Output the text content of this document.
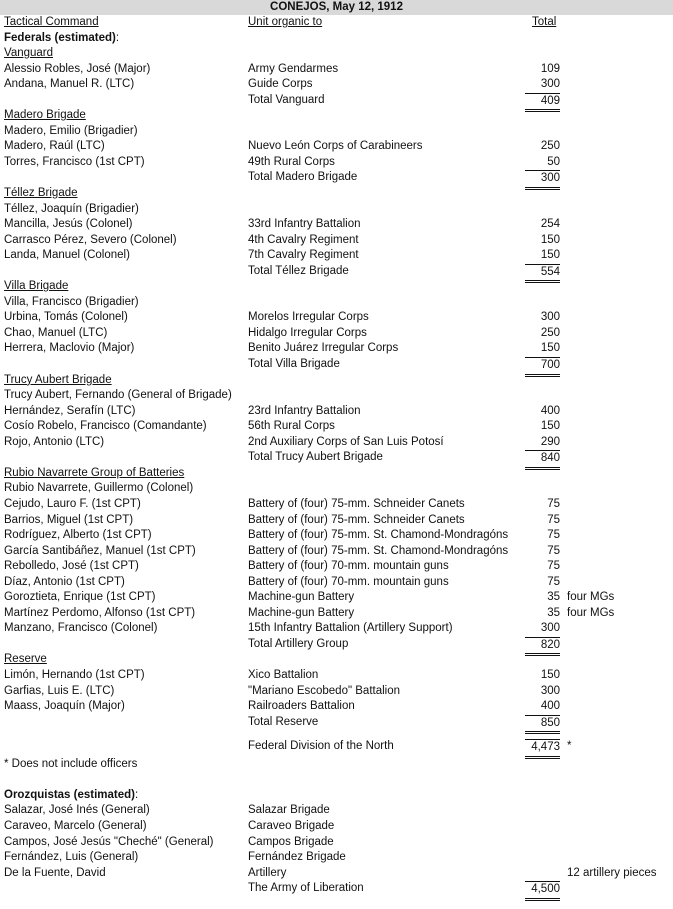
CONEJOS, May 12, 1912
Tactical Command	Unit organic to	Total
Federals (estimated):
Vanguard
Alessio Robles, José (Major)	Army Gendarmes	109
Andana, Manuel R. (LTC)	Guide Corps	300
Total Vanguard	409
Madero Brigade
Madero, Emilio (Brigadier)
Madero, Raúl (LTC)	Nuevo León Corps of Carabineers	250
Torres, Francisco (1st CPT)	49th Rural Corps	50
Total Madero Brigade	300
Téllez Brigade
Téllez, Joaquín (Brigadier)
Mancilla, Jesús (Colonel)	33rd Infantry Battalion	254
Carrasco Pérez, Severo (Colonel)	4th Cavalry Regiment	150
Landa, Manuel (Colonel)	7th Cavalry Regiment	150
Total Téllez Brigade	554
Villa Brigade
Villa, Francisco (Brigadier)
Urbina, Tomás (Colonel)	Morelos Irregular Corps	300
Chao, Manuel (LTC)	Hidalgo Irregular Corps	250
Herrera, Maclovio (Major)	Benito Juárez Irregular Corps	150
Total Villa Brigade	700
Trucy Aubert Brigade
Trucy Aubert, Fernando (General of Brigade)
Hernández, Serafín (LTC)	23rd Infantry Battalion	400
Cosío Robelo, Francisco (Comandante)	56th Rural Corps	150
Rojo, Antonio (LTC)	2nd Auxiliary Corps of San Luis Potosí	290
Total Trucy Aubert Brigade	840
Rubio Navarrete Group of Batteries
Rubio Navarrete, Guillermo (Colonel)
Cejudo, Lauro F. (1st CPT)	Battery of (four) 75-mm. Schneider Canets	75
Barrios, Miguel (1st CPT)	Battery of (four) 75-mm. Schneider Canets	75
Rodríguez, Alberto (1st CPT)	Battery of (four) 75-mm. St. Chamond-Mondragóns	75
García Santibáñez, Manuel (1st CPT)	Battery of (four) 75-mm. St. Chamond-Mondragóns	75
Rebolledo, José (1st CPT)	Battery of (four) 70-mm. mountain guns	75
Díaz, Antonio (1st CPT)	Battery of (four) 70-mm. mountain guns	75
Goroztieta, Enrique (1st CPT)	Machine-gun Battery	35 four MGs
Martínez Perdomo, Alfonso (1st CPT)	Machine-gun Battery	35 four MGs
Manzano, Francisco (Colonel)	15th Infantry Battalion (Artillery Support)	300
Total Artillery Group	820
Reserve
Limón, Hernando (1st CPT)	Xico Battalion	150
Garfias, Luis E. (LTC)	"Mariano Escobedo" Battalion	300
Maass, Joaquín (Major)	Railroaders Battalion	400
Total Reserve	850
Federal Division of the North	4,473 *
* Does not include officers
Orozquistas (estimated):
Salazar, José Inés (General)	Salazar Brigade
Caraveo, Marcelo (General)	Caraveo Brigade
Campos, José Jesús "Cheché" (General)	Campos Brigade
Fernández, Luis (General)	Fernández Brigade
De la Fuente, David	Artillery	12 artillery pieces
The Army of Liberation	4,500
